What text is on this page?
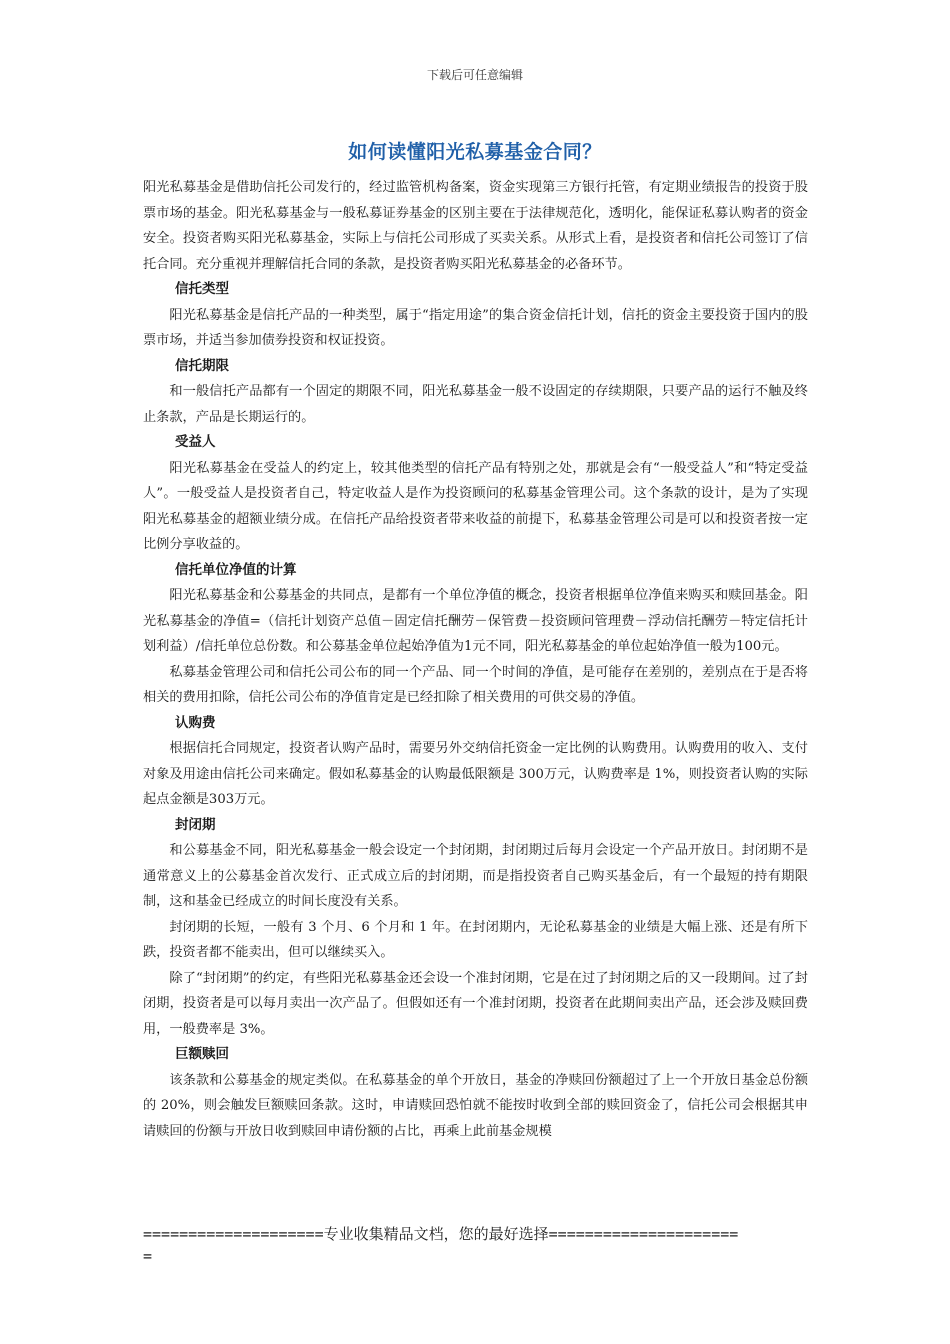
下载后可任意编辑
如何读懂阳光私募基金合同？

阳光私募基金是借助信托公司发行的，经过监管机构备案，资金实现第三方银行托管，有定期业绩报告的投资于股票市场的基金。阳光私募基金与一般私募证券基金的区别主要在于法律规范化，透明化，能保证私募认购者的资金安全。投资者购买阳光私募基金，实际上与信托公司形成了买卖关系。从形式上看，是投资者和信托公司签订了信托合同。充分重视并理解信托合同的条款，是投资者购买阳光私募基金的必备环节。

信托类型

阳光私募基金是信托产品的一种类型，属于“指定用途”的集合资金信托计划，信托的资金主要投资于国内的股票市场，并适当参加债券投资和权证投资。

信托期限

和一般信托产品都有一个固定的期限不同，阳光私募基金一般不设固定的存续期限，只要产品的运行不触及终止条款，产品是长期运行的。

受益人

阳光私募基金在受益人的约定上，较其他类型的信托产品有特别之处，那就是会有“一般受益人”和“特定受益人”。一般受益人是投资者自己，特定收益人是作为投资顾问的私募基金管理公司。这个条款的设计，是为了实现阳光私募基金的超额业绩分成。在信托产品给投资者带来收益的前提下，私募基金管理公司是可以和投资者按一定比例分享收益的。

信托单位净值的计算

阳光私募基金和公募基金的共同点，是都有一个单位净值的概念，投资者根据单位净值来购买和赎回基金。阳光私募基金的净值=（信托计划资产总值－固定信托酬劳－保管费－投资顾问管理费－浮动信托酬劳－特定信托计划利益）/信托单位总份数。和公募基金单位起始净值为1元不同，阳光私募基金的单位起始净值一般为100元。

私募基金管理公司和信托公司公布的同一个产品、同一个时间的净值，是可能存在差别的，差别点在于是否将相关的费用扣除，信托公司公布的净值肯定是已经扣除了相关费用的可供交易的净值。

认购费

根据信托合同规定，投资者认购产品时，需要另外交纳信托资金一定比例的认购费用。认购费用的收入、支付对象及用途由信托公司来确定。假如私募基金的认购最低限额是 300万元，认购费率是 1%，则投资者认购的实际起点金额是303万元。

封闭期

和公募基金不同，阳光私募基金一般会设定一个封闭期，封闭期过后每月会设定一个产品开放日。封闭期不是通常意义上的公募基金首次发行、正式成立后的封闭期，而是指投资者自己购买基金后，有一个最短的持有期限制，这和基金已经成立的时间长度没有关系。

封闭期的长短，一般有 3 个月、6 个月和 1 年。在封闭期内，无论私募基金的业绩是大幅上涨、还是有所下跌，投资者都不能卖出，但可以继续买入。

除了“封闭期”的约定，有些阳光私募基金还会设一个准封闭期，它是在过了封闭期之后的又一段期间。过了封闭期，投资者是可以每月卖出一次产品了。但假如还有一个准封闭期，投资者在此期间卖出产品，还会涉及赎回费用，一般费率是 3%。

巨额赎回

该条款和公募基金的规定类似。在私募基金的单个开放日，基金的净赎回份额超过了上一个开放日基金总份额的 20%，则会触发巨额赎回条款。这时，申请赎回恐怕就不能按时收到全部的赎回资金了，信托公司会根据其申请赎回的份额与开放日收到赎回申请份额的占比，再乘上此前基金规模

====================专业收集精品文档，您的最好选择=====================
=
